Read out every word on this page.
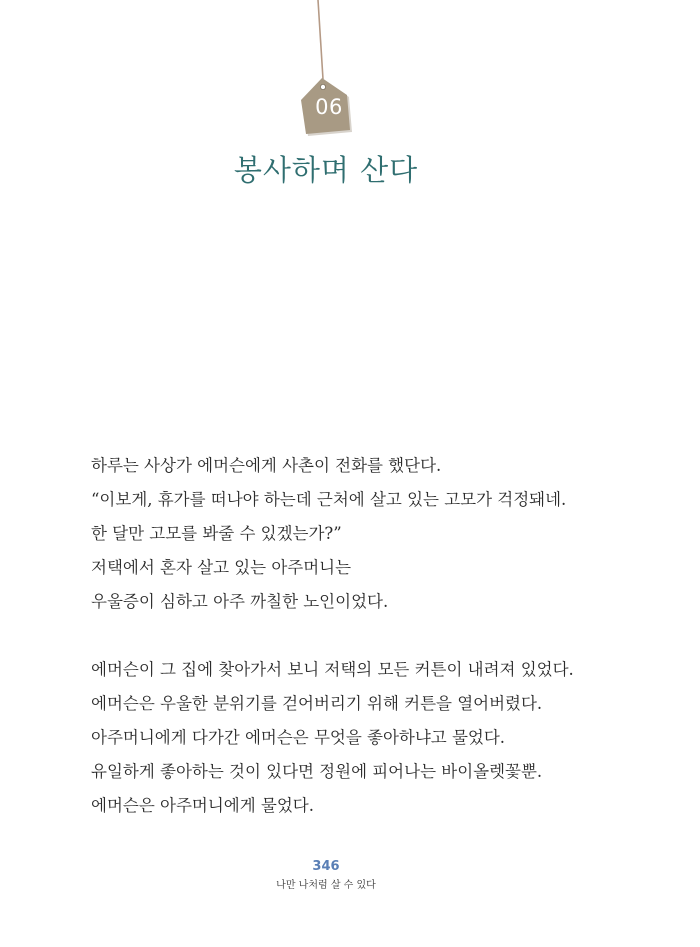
06
봉사하며 산다
하루는 사상가 에머슨에게 사촌이 전화를 했단다.
“이보게, 휴가를 떠나야 하는데 근처에 살고 있는 고모가 걱정돼네.
한 달만 고모를 봐줄 수 있겠는가?”
저택에서 혼자 살고 있는 아주머니는
우울증이 심하고 아주 까칠한 노인이었다.
에머슨이 그 집에 찾아가서 보니 저택의 모든 커튼이 내려져 있었다.
에머슨은 우울한 분위기를 걷어버리기 위해 커튼을 열어버렸다.
아주머니에게 다가간 에머슨은 무엇을 좋아하냐고 물었다.
유일하게 좋아하는 것이 있다면 정원에 피어나는 바이올렛꽃뿐.
에머슨은 아주머니에게 물었다.
346
나만 나처럼 살 수 있다
